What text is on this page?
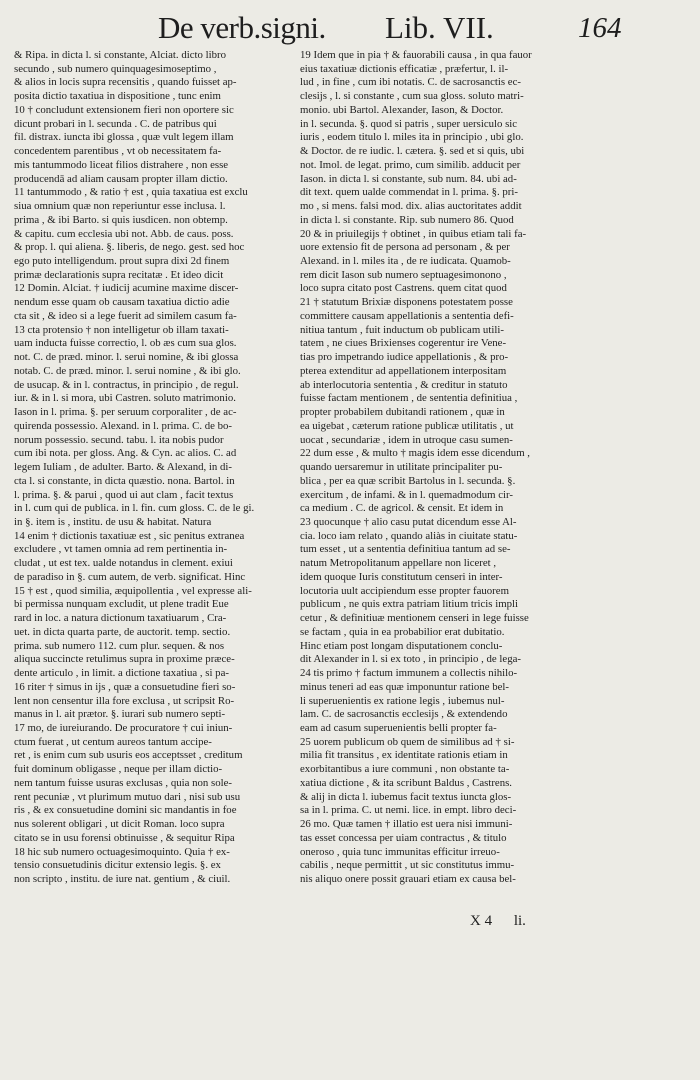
De verb.signi. Lib. VII.	164
& Ripa. in dicta l. si constante, Alciat. dicto libro
secundo , sub numero quinquagesimoseptimo ,
& alios in locis supra recensitis , quando fuisset ap-
posita dictio taxatiua in dispositione , tunc enim
10 † concludunt extensionem fieri non oportere sic
dicunt probari in l. secunda . C. de patribus qui
fil. distrax. iuncta ibi glossa , quæ vult legem illam
concedentem parentibus , vt ob necessitatem fa-
mis tantummodo liceat filios distrahere , non esse
producendā ad aliam causam propter illam dictio.
11 tantummodo , & ratio † est , quia taxatiua est exclu
siua omnium quæ non reperiuntur esse inclusa. l.
prima , & ibi Barto. si quis iusdicen. non obtemp.
& capitu. cum ecclesia ubi not. Abb. de caus. poss.
& prop. l. qui aliena. §. liberis, de nego. gest. sed hoc
ego puto intelligendum. prout supra dixi 2d finem
primæ declarationis supra recitatæ . Et ideo dicit
12 Domin. Alciat. † iudicij acumine maxime discer-
nendum esse quam ob causam taxatiua dictio adie
cta sit , & ideo si a lege fuerit ad similem casum fa-
13 cta protensio † non intelligetur ob illam taxati-
uam inducta fuisse correctio, l. ob æs cum sua glos.
not. C. de præd. minor. l. serui nomine, & ibi glossa
notab. C. de præd. minor. l. serui nomine , & ibi glo.
de usucap. & in l. contractus, in principio , de regul.
iur. & in l. si mora, ubi Castren. soluto matrimonio.
Iason in l. prima. §. per seruum corporaliter , de ac-
quirenda possessio. Alexand. in l. prima. C. de bo-
norum possessio. secund. tabu. l. ita nobis pudor
cum ibi nota. per gloss. Ang. & Cyn. ac alios. C. ad
legem Iuliam , de adulter. Barto. & Alexand, in di-
cta l. si constante, in dicta quæstio. nona. Bartol. in
l. prima. §. & parui , quod ui aut clam , facit textus
in l. cum qui de publica. in l. fin. cum gloss. C. de le gi.
in §. item is , institu. de usu & habitat. Natura
14 enim † dictionis taxatiuæ est , sic penitus extranea
excludere , vt tamen omnia ad rem pertinentia in-
cludat , ut est tex. ualde notandus in clement. exiui
de paradiso in §. cum autem, de verb. significat. Hinc
15 † est , quod similia, æquipollentia , vel expresse ali-
bi permissa nunquam excludit, ut plene tradit Eue
rard in loc. a natura dictionum taxatiuarum , Cra-
uet. in dicta quarta parte, de auctorit. temp. sectio.
prima. sub numero 112. cum plur. sequen. & nos
aliqua succincte retulimus supra in proxime præce-
dente articulo , in limit. a dictione taxatiua , si pa-
16 riter † simus in ijs , quæ a consuetudine fieri so-
lent non censentur illa fore exclusa , ut scripsit Ro-
manus in l. ait prætor. §. iurari sub numero septi-
17 mo, de iureiurando. De procuratore † cui iniun-
ctum fuerat , ut centum aureos tantum accipe-
ret , is enim cum sub usuris eos acceptsset , creditum
fuit dominum obligasse , neque per illam dictio-
nem tantum fuisse usuras exclusas , quia non sole-
rent pecuniæ , vt plurimum mutuo dari , nisi sub usu
ris , & ex consuetudine domini sic mandantis in foe
nus solerent obligari , ut dicit Roman. loco supra
citato se in usu forensi obtinuisse , & sequitur Ripa
18 hic sub numero octuagesimoquinto. Quia † ex-
tensio consuetudinis dicitur extensio legis. §. ex
non scripto , institu. de iure nat. gentium , & ciuil.
19 Idem que in pia † & fauorabili causa , in qua fauor
eius taxatiuæ dictionis efficatiæ , præfertur, l. il-
lud , in fine , cum ibi notatis. C. de sacrosanctis ec-
clesijs , l. si constante , cum sua gloss. soluto matri-
monio. ubi Bartol. Alexander, Iason, & Doctor.
in l. secunda. §. quod si patris , super uersiculo sic
iuris , eodem titulo l. miles ita in principio , ubi glo.
& Doctor. de re iudic. l. cætera. §. sed et si quis, ubi
not. Imol. de legat. primo, cum similib. adducit per
Iason. in dicta l. si constante, sub num. 84. ubi ad-
dit text. quem ualde commendat in l. prima. §. pri-
mo , si mens. falsi mod. dix. alias auctoritates addit
in dicta l. si constante. Rip. sub numero 86. Quod
20 & in priuilegijs † obtinet , in quibus etiam tali fa-
uore extensio fit de persona ad personam , & per
Alexand. in l. miles ita , de re iudicata. Quamob-
rem dicit Iason sub numero septuagesimonono ,
loco supra citato post Castrens. quem citat quod
21 † statutum Brixiæ disponens potestatem posse
committere causam appellationis a sententia defi-
nitiua tantum , fuit inductum ob publicam utili-
tatem , ne ciues Brixienses cogerentur ire Vene-
tias pro impetrando iudice appellationis , & pro-
pterea extenditur ad appellationem interpositam
ab interlocutoria sententia , & creditur in statuto
fuisse factam mentionem , de sententia definitiua ,
propter probabilem dubitandi rationem , quæ in
ea uigebat , cæterum ratione publicæ utilitatis , ut
uocat , secundariæ , idem in utroque casu sumen-
22 dum esse , & multo † magis idem esse dicendum ,
quando uersaremur in utilitate principaliter pu-
blica , per ea quæ scribit Bartolus in l. secunda. §.
exercitum , de infami. & in l. quemadmodum cir-
ca medium . C. de agricol. & censit. Et idem in
23 quocunque † alio casu putat dicendum esse Al-
cia. loco iam relato , quando aliàs in ciuitate statu-
tum esset , ut a sententia definitiua tantum ad se-
natum Metropolitanum appellare non liceret ,
idem quoque Iuris constitutum censeri in inter-
locutoria uult accipiendum esse propter fauorem
publicum , ne quis extra patriam litium tricis impli
cetur , & definitiuæ mentionem censeri in lege fuisse
se factam , quia in ea probabilior erat dubitatio.
Hinc etiam post longam disputationem conclu-
dit Alexander in l. si ex toto , in principio , de lega-
24 tis primo † factum immunem a collectis nihilo-
minus teneri ad eas quæ imponuntur ratione bel-
li superuenientis ex ratione legis , iubemus nul-
lam. C. de sacrosanctis ecclesijs , & extendendo
eam ad casum superuenientis belli propter fa-
25 uorem publicum ob quem de similibus ad † si-
milia fit transitus , ex identitate rationis etiam in
exorbitantibus a iure communi , non obstante ta-
xatiua dictione , & ita scribunt Baldus , Castrens.
& alij in dicta l. iubemus facit textus iuncta glos-
sa in l. prima. C. ut nemi. lice. in empt. libro deci-
26 mo. Quæ tamen † illatio est uera nisi immuni-
tas esset concessa per uiam contractus , & titulo
oneroso , quia tunc immunitas efficitur irreuo-
cabilis , neque permittit , ut sic constitutus immu-
nis aliquo onere possit grauari etiam ex causa bel-
X 4 li.
